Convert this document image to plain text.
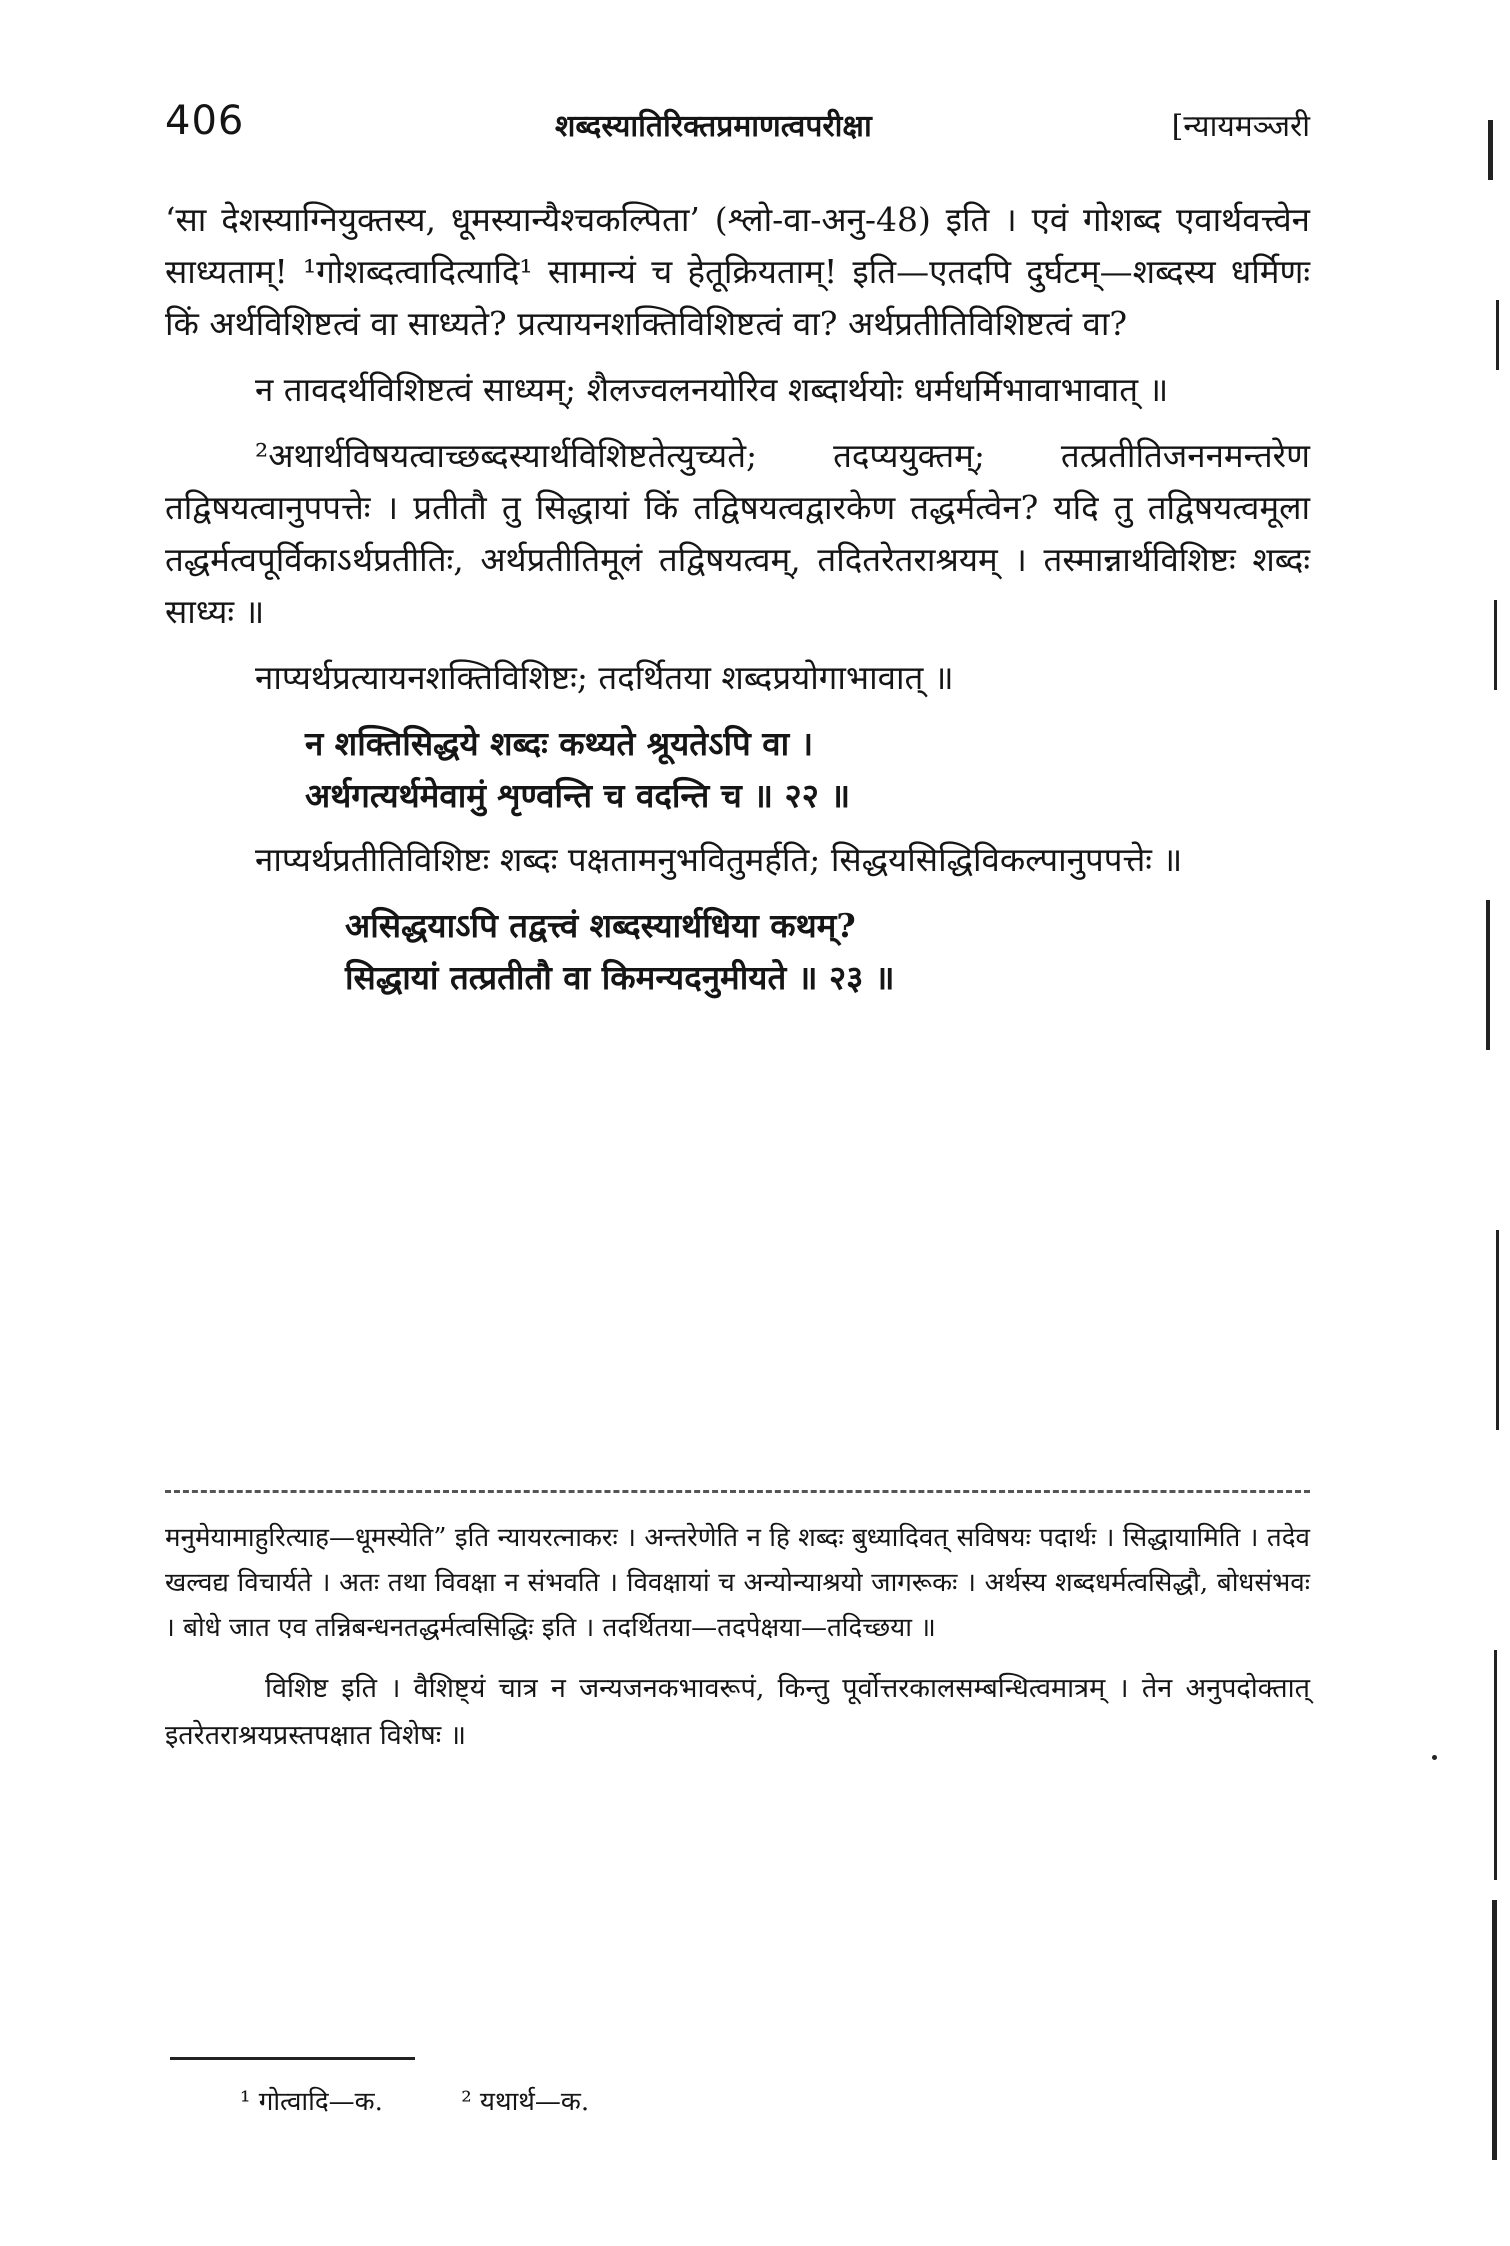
406	शब्दस्यातिरिक्तप्रमाणत्वपरीक्षा	[न्यायमञ्जरी

‘सा देशस्याग्नियुक्तस्य, धूमस्यान्यैश्चकल्पिता’ (श्लो-वा-अनु-48) इति । एवं गोशब्द एवार्थवत्त्वेन साध्यताम्! ¹गोशब्दत्वादित्यादि¹ सामान्यं च हेतूक्रियताम्! इति—एतदपि दुर्घटम्—शब्दस्य धर्मिणः किं अर्थविशिष्टत्वं वा साध्यते? प्रत्यायनशक्तिविशिष्टत्वं वा? अर्थप्रतीतिविशिष्टत्वं वा?

न तावदर्थविशिष्टत्वं साध्यम्; शैलज्वलनयोरिव शब्दार्थयोः धर्मधर्मिभावाभावात् ॥

²अथार्थविषयत्वाच्छब्दस्यार्थविशिष्टतेत्युच्यते; तदप्ययुक्तम्; तत्प्रतीतिजननमन्तरेण तद्विषयत्वानुपपत्तेः । प्रतीतौ तु सिद्धायां किं तद्विषयत्वद्वारकेण तद्धर्मत्वेन? यदि तु तद्विषयत्वमूला तद्धर्मत्वपूर्विकाऽर्थप्रतीतिः, अर्थप्रतीतिमूलं तद्विषयत्वम्, तदितरेतराश्रयम् । तस्मान्नार्थविशिष्टः शब्दः साध्यः ॥

नाप्यर्थप्रत्यायनशक्तिविशिष्टः; तदर्थितया शब्दप्रयोगाभावात् ॥

न शक्तिसिद्धये शब्दः कथ्यते श्रूयतेऽपि वा ।
अर्थगत्यर्थमेवामुं शृण्वन्ति च वदन्ति च ॥ २२ ॥

नाप्यर्थप्रतीतिविशिष्टः शब्दः पक्षतामनुभवितुमर्हति; सिद्धयसिद्धिविकल्पानुपपत्तेः ॥

असिद्धयाऽपि तद्वत्त्वं शब्दस्यार्थधिया कथम्?
सिद्धायां तत्प्रतीतौ वा किमन्यदनुमीयते ॥ २३ ॥

मनुमेयामाहुरित्याह—धूमस्येति” इति न्यायरत्नाकरः । अन्तरेणेति न हि शब्दः बुध्यादिवत् सविषयः पदार्थः । सिद्धायामिति । तदेव खल्वद्य विचार्यते । अतः तथा विवक्षा न संभवति । विवक्षायां च अन्योन्याश्रयो जागरूकः । अर्थस्य शब्दधर्मत्वसिद्धौ, बोधसंभवः । बोधे जात एव तन्निबन्धनतद्धर्मत्वसिद्धिः इति । तदर्थितया—तदपेक्षया—तदिच्छया ॥

विशिष्ट इति । वैशिष्ट्यं चात्र न जन्यजनकभावरूपं, किन्तु पूर्वोत्तरकालसम्बन्धित्वमात्रम् । तेन अनुपदोक्तात् इतरेतराश्रयप्रस्तपक्षात विशेषः ॥

¹ गोत्वादि—क.	² यथार्थ—क.
